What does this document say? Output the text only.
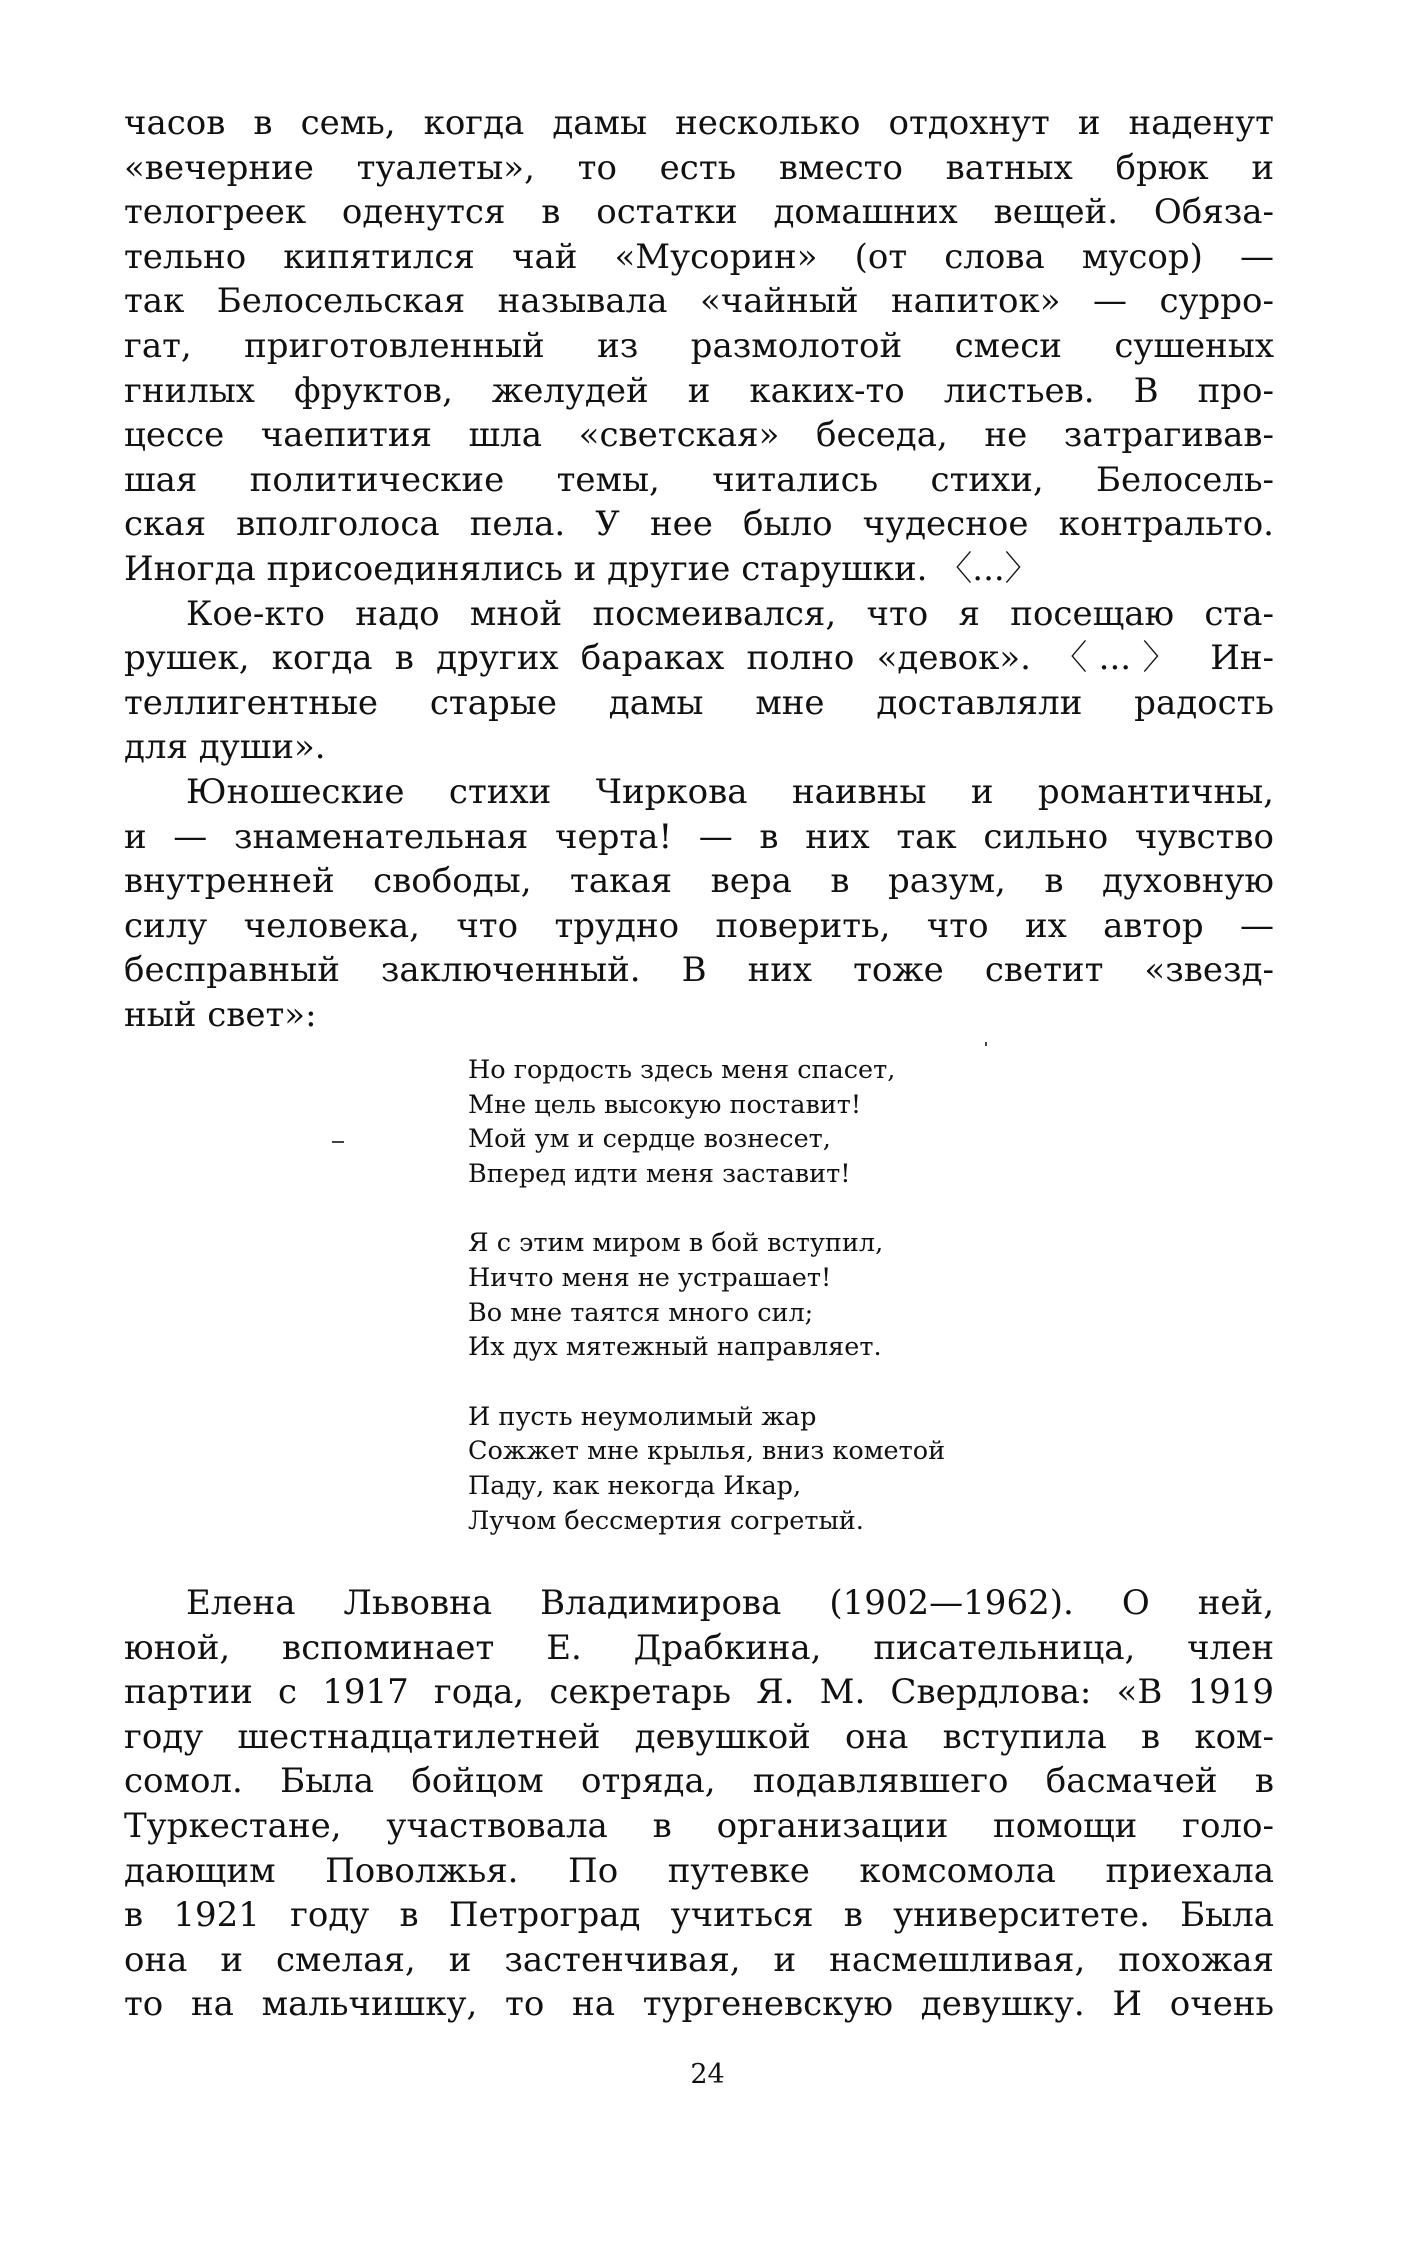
часов в семь, когда дамы несколько отдохнут и наденут
«вечерние туалеты», то есть вместо ватных брюк и
телогреек оденутся в остатки домашних вещей. Обяза-
тельно кипятился чай «Мусорин» (от слова мусор) —
так Белосельская называла «чайный напиток» — сурро-
гат, приготовленный из размолотой смеси сушеных
гнилых фруктов, желудей и каких-то листьев. В про-
цессе чаепития шла «светская» беседа, не затрагивав-
шая политические темы, читались стихи, Белосель-
ская вполголоса пела. У нее было чудесное контральто.
Иногда присоединялись и другие старушки. 〈...〉
Кое-кто надо мной посмеивался, что я посещаю ста-
рушек, когда в других бараках полно «девок». 〈...〉 Ин-
теллигентные старые дамы мне доставляли радость
для души».
Юношеские стихи Чиркова наивны и романтичны,
и — знаменательная черта! — в них так сильно чувство
внутренней свободы, такая вера в разум, в духовную
силу человека, что трудно поверить, что их автор —
бесправный заключенный. В них тоже светит «звезд-
ный свет»:
Но гордость здесь меня спасет,
Мне цель высокую поставит!
Мой ум и сердце вознесет,
Вперед идти меня заставит!
Я с этим миром в бой вступил,
Ничто меня не устрашает!
Во мне таятся много сил;
Их дух мятежный направляет.
И пусть неумолимый жар
Сожжет мне крылья, вниз кометой
Паду, как некогда Икар,
Лучом бессмертия согретый.
Елена Львовна Владимирова (1902—1962). О ней,
юной, вспоминает Е. Драбкина, писательница, член
партии с 1917 года, секретарь Я. М. Свердлова: «В 1919
году шестнадцатилетней девушкой она вступила в ком-
сомол. Была бойцом отряда, подавлявшего басмачей в
Туркестане, участвовала в организации помощи голо-
дающим Поволжья. По путевке комсомола приехала
в 1921 году в Петроград учиться в университете. Была
она и смелая, и застенчивая, и насмешливая, похожая
то на мальчишку, то на тургеневскую девушку. И очень
24
